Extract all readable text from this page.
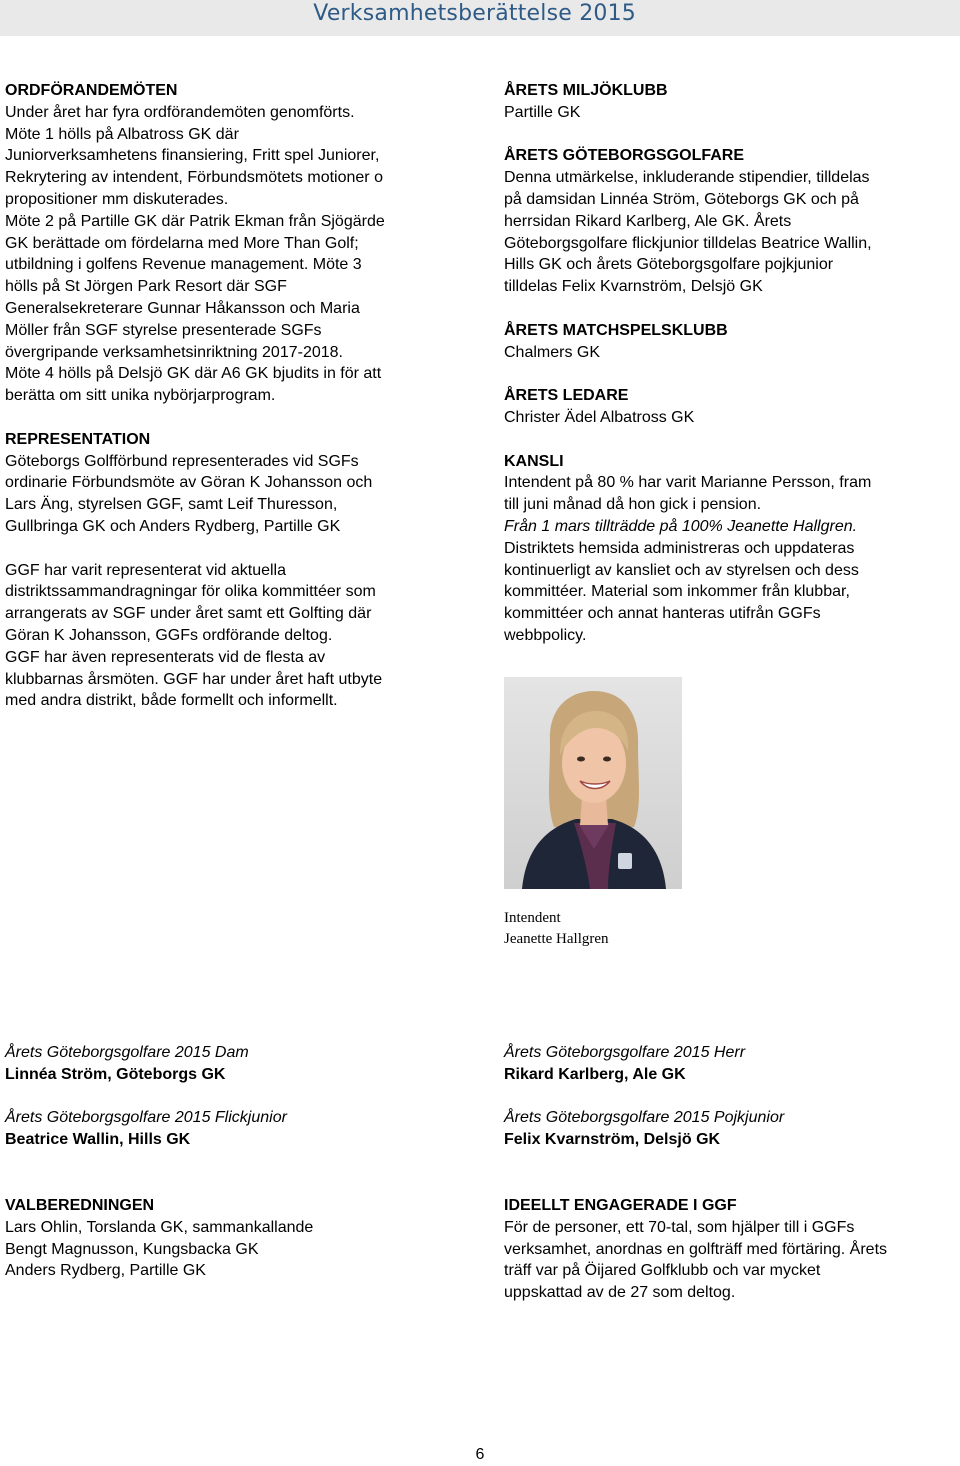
Verksamhetsberättelse 2015

ORDFÖRANDEMÖTEN

Under året har fyra ordförandemöten genomförts.

Möte 1 hölls på Albatross GK där

Juniorverksamhetens finansiering, Fritt spel Juniorer,

Rekrytering av intendent, Förbundsmötets motioner o

propositioner mm diskuterades.

Möte 2 på Partille GK där Patrik Ekman från Sjögärde

GK berättade om fördelarna med More Than Golf;

utbildning i golfens Revenue management. Möte 3

hölls på St Jörgen Park Resort där SGF

Generalsekreterare Gunnar Håkansson och Maria

Möller från SGF styrelse presenterade SGFs

övergripande verksamhetsinriktning 2017-2018.

Möte 4 hölls på Delsjö GK där A6 GK bjudits in för att

berätta om sitt unika nybörjarprogram.

REPRESENTATION

Göteborgs Golfförbund representerades vid SGFs

ordinarie Förbundsmöte av Göran K Johansson och

Lars Äng, styrelsen GGF, samt Leif Thuresson,

Gullbringa GK och Anders Rydberg, Partille GK

GGF har varit representerat vid aktuella

distriktssammandragningar för olika kommittéer som

arrangerats av SGF under året samt ett Golfting där

Göran K Johansson, GGFs ordförande deltog.

GGF har även representerats vid de flesta av

klubbarnas årsmöten. GGF har under året haft utbyte

med andra distrikt, både formellt och informellt.

ÅRETS MILJÖKLUBB

Partille GK

ÅRETS GÖTEBORGSGOLFARE

Denna utmärkelse, inkluderande stipendier, tilldelas

på damsidan Linnéa Ström, Göteborgs GK och på

herrsidan Rikard Karlberg, Ale GK. Årets

Göteborgsgolfare flickjunior tilldelas Beatrice Wallin,

Hills GK och årets Göteborgsgolfare pojkjunior

tilldelas Felix Kvarnström, Delsjö GK

ÅRETS MATCHSPELSKLUBB

Chalmers GK

ÅRETS LEDARE

Christer Ädel Albatross GK

KANSLI

Intendent på 80 % har varit Marianne Persson, fram

till juni månad då hon gick i pension.

Från 1 mars tillträdde på 100% Jeanette Hallgren.

Distriktets hemsida administreras och uppdateras

kontinuerligt av kansliet och av styrelsen och dess

kommittéer. Material som inkommer från klubbar,

kommittéer och annat hanteras utifrån GGFs

webbpolicy.

Intendent
Jeanette Hallgren
Årets Göteborgsgolfare 2015 Dam
Linnéa Ström, Göteborgs GK
Årets Göteborgsgolfare 2015 Herr
Rikard Karlberg, Ale GK
Årets Göteborgsgolfare 2015 Flickjunior
Beatrice Wallin, Hills GK
Årets Göteborgsgolfare 2015 Pojkjunior
Felix Kvarnström, Delsjö GK

VALBEREDNINGEN

Lars Ohlin, Torslanda GK, sammankallande

Bengt Magnusson, Kungsbacka GK

Anders Rydberg, Partille GK

IDEELLT ENGAGERADE I GGF

För de personer, ett 70-tal, som hjälper till i GGFs

verksamhet, anordnas en golfträff med förtäring. Årets

träff var på Öijared Golfklubb och var mycket

uppskattad av de 27 som deltog.

6
